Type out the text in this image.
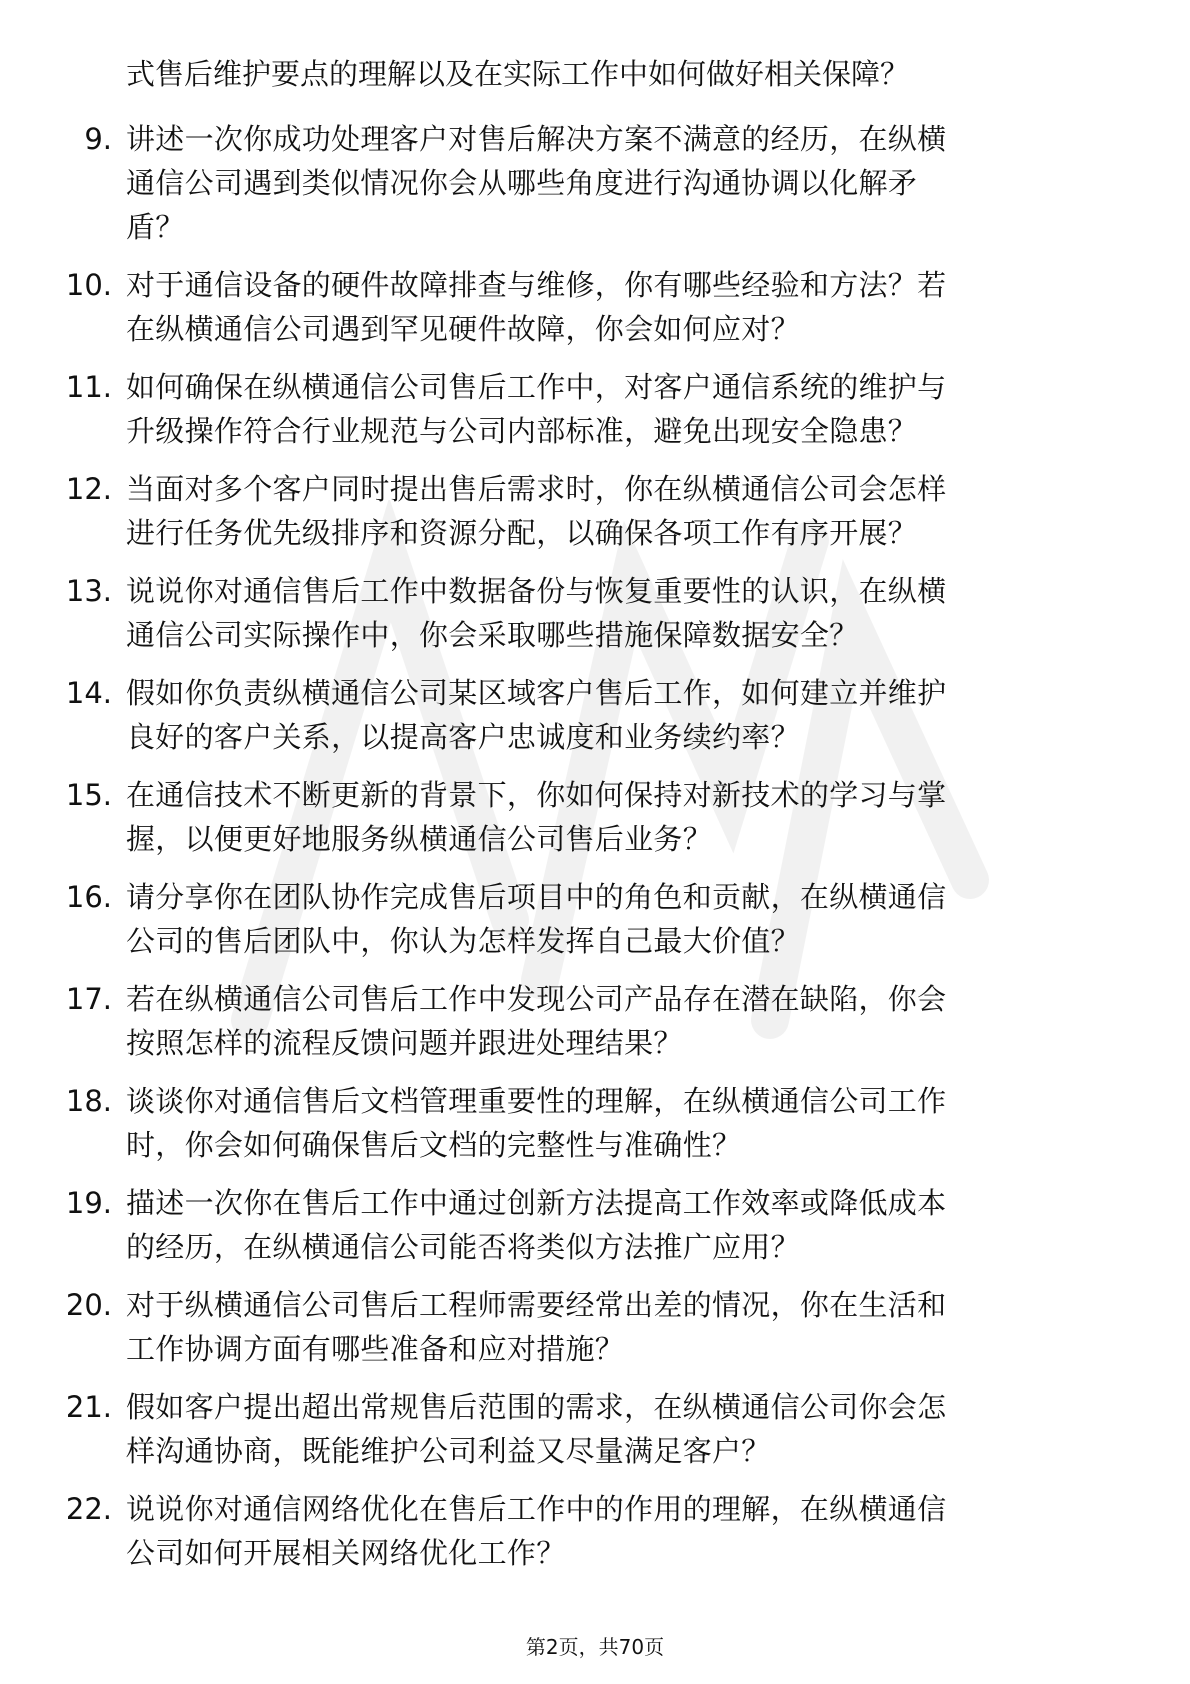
式售后维护要点的理解以及在实际工作中如何做好相关保障？
9. 讲述一次你成功处理客户对售后解决方案不满意的经历，在纵横
通信公司遇到类似情况你会从哪些角度进行沟通协调以化解矛
盾？
10. 对于通信设备的硬件故障排查与维修，你有哪些经验和方法？若
在纵横通信公司遇到罕见硬件故障，你会如何应对？
11. 如何确保在纵横通信公司售后工作中，对客户通信系统的维护与
升级操作符合行业规范与公司内部标准，避免出现安全隐患？
12. 当面对多个客户同时提出售后需求时，你在纵横通信公司会怎样
进行任务优先级排序和资源分配，以确保各项工作有序开展？
13. 说说你对通信售后工作中数据备份与恢复重要性的认识，在纵横
通信公司实际操作中，你会采取哪些措施保障数据安全？
14. 假如你负责纵横通信公司某区域客户售后工作，如何建立并维护
良好的客户关系，以提高客户忠诚度和业务续约率？
15. 在通信技术不断更新的背景下，你如何保持对新技术的学习与掌
握，以便更好地服务纵横通信公司售后业务？
16. 请分享你在团队协作完成售后项目中的角色和贡献，在纵横通信
公司的售后团队中，你认为怎样发挥自己最大价值？
17. 若在纵横通信公司售后工作中发现公司产品存在潜在缺陷，你会
按照怎样的流程反馈问题并跟进处理结果？
18. 谈谈你对通信售后文档管理重要性的理解，在纵横通信公司工作
时，你会如何确保售后文档的完整性与准确性？
19. 描述一次你在售后工作中通过创新方法提高工作效率或降低成本
的经历，在纵横通信公司能否将类似方法推广应用？
20. 对于纵横通信公司售后工程师需要经常出差的情况，你在生活和
工作协调方面有哪些准备和应对措施？
21. 假如客户提出超出常规售后范围的需求，在纵横通信公司你会怎
样沟通协商，既能维护公司利益又尽量满足客户？
22. 说说你对通信网络优化在售后工作中的作用的理解，在纵横通信
公司如何开展相关网络优化工作？
第2页，共70页
